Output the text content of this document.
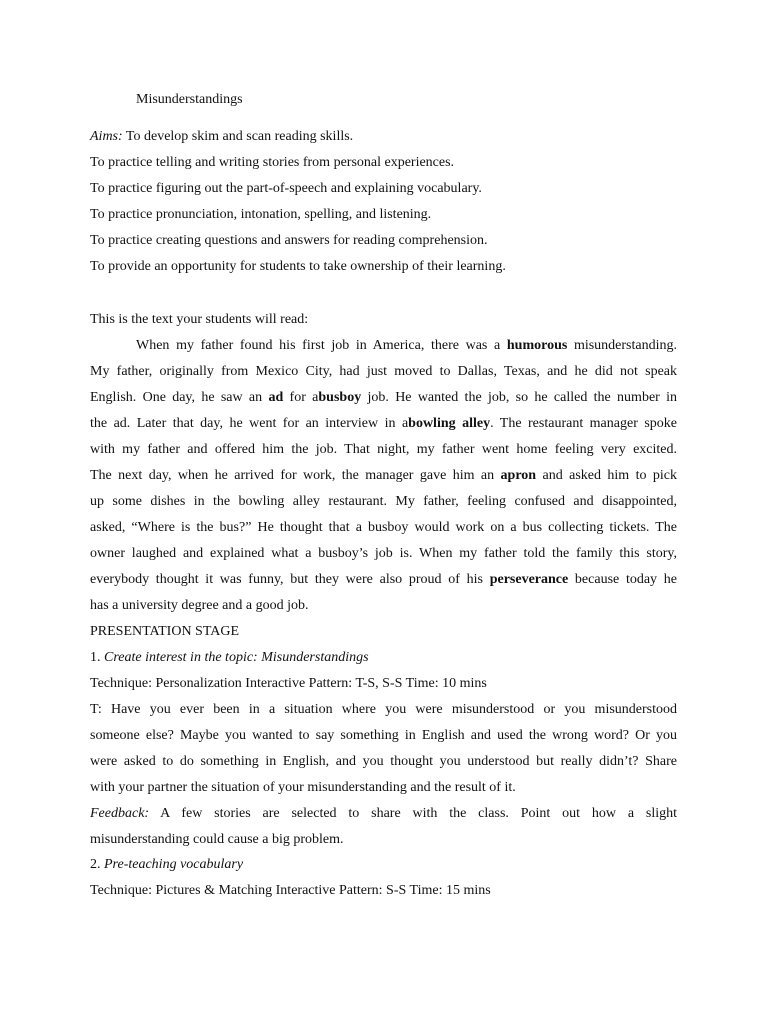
Misunderstandings

Aims: To develop skim and scan reading skills.

To practice telling and writing stories from personal experiences.

To practice figuring out the part-of-speech and explaining vocabulary.

To practice pronunciation, intonation, spelling, and listening.

To practice creating questions and answers for reading comprehension.

To provide an opportunity for students to take ownership of their learning.

This is the text your students will read:

When my father found his first job in America, there was a humorous misunderstanding.

My father, originally from Mexico City, had just moved to Dallas, Texas, and he did not speak

English. One day, he saw an ad for abusboy job. He wanted the job, so he called the number in

the ad. Later that day, he went for an interview in abowling alley. The restaurant manager spoke

with my father and offered him the job. That night, my father went home feeling very excited.

The next day, when he arrived for work, the manager gave him an apron and asked him to pick

up some dishes in the bowling alley restaurant. My father, feeling confused and disappointed,

asked, “Where is the bus?” He thought that a busboy would work on a bus collecting tickets. The

owner laughed and explained what a busboy’s job is. When my father told the family this story,

everybody thought it was funny, but they were also proud of his perseverance because today he

has a university degree and a good job.

PRESENTATION STAGE

1. Create interest in the topic: Misunderstandings

Technique: Personalization Interactive Pattern: T-S, S-S Time: 10 mins

T: Have you ever been in a situation where you were misunderstood or you misunderstood

someone else? Maybe you wanted to say something in English and used the wrong word? Or you

were asked to do something in English, and you thought you understood but really didn’t? Share

with your partner the situation of your misunderstanding and the result of it.

Feedback: A few stories are selected to share with the class. Point out how a slight

misunderstanding could cause a big problem.

2. Pre-teaching vocabulary

Technique: Pictures & Matching Interactive Pattern: S-S Time: 15 mins
